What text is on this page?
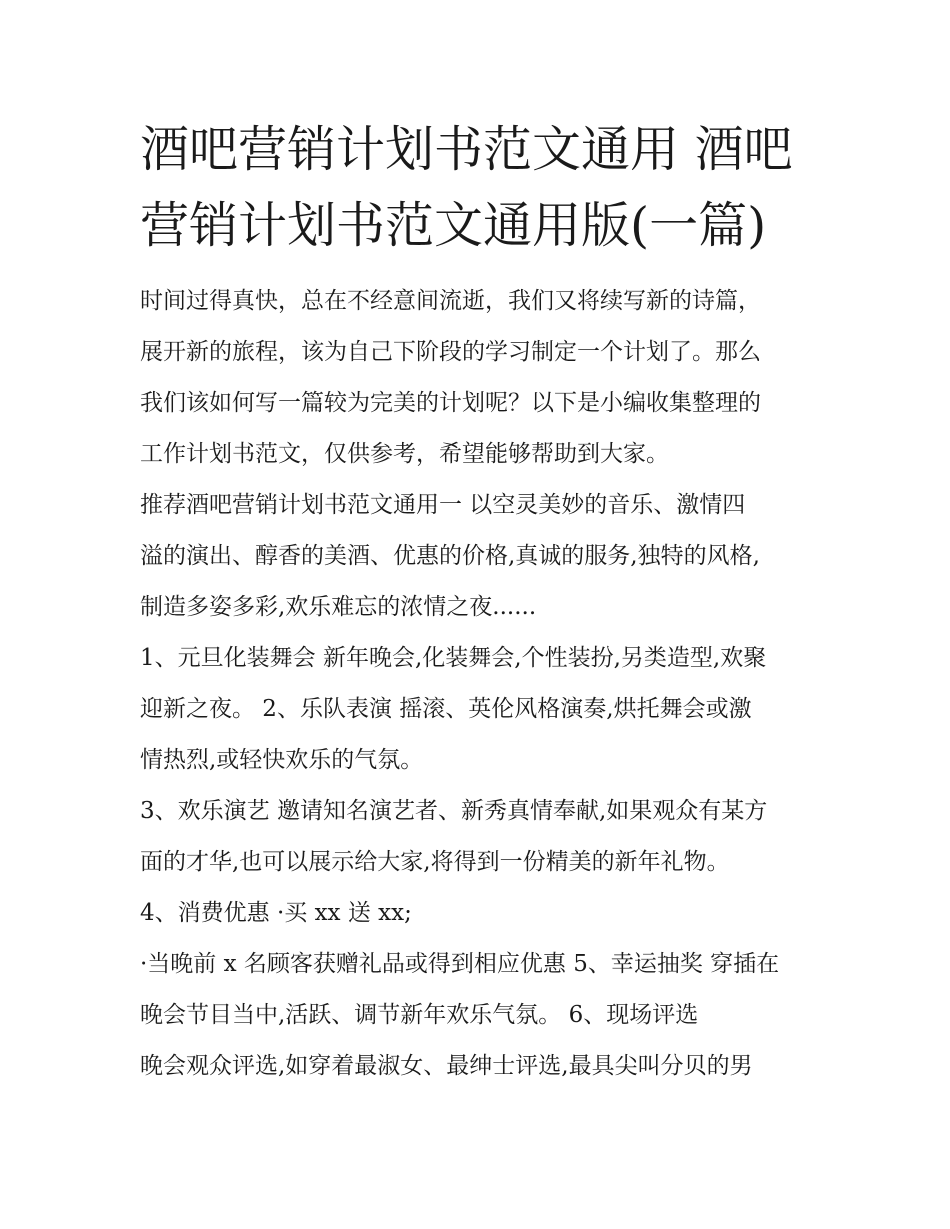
酒吧营销计划书范文通用 酒吧
营销计划书范文通用版(一篇)
时间过得真快，总在不经意间流逝，我们又将续写新的诗篇，
展开新的旅程，该为自己下阶段的学习制定一个计划了。那么
我们该如何写一篇较为完美的计划呢？以下是小编收集整理的
工作计划书范文，仅供参考，希望能够帮助到大家。
推荐酒吧营销计划书范文通用一 以空灵美妙的音乐、激情四
溢的演出、醇香的美酒、优惠的价格,真诚的服务,独特的风格,
制造多姿多彩,欢乐难忘的浓情之夜......
1、元旦化装舞会 新年晚会,化装舞会,个性装扮,另类造型,欢聚
迎新之夜。 2、乐队表演 摇滚、英伦风格演奏,烘托舞会或激
情热烈,或轻快欢乐的气氛。
3、欢乐演艺 邀请知名演艺者、新秀真情奉献,如果观众有某方
面的才华,也可以展示给大家,将得到一份精美的新年礼物。
4、消费优惠 ·买 xx 送 xx;
·当晚前 x 名顾客获赠礼品或得到相应优惠 5、幸运抽奖 穿插在
晚会节目当中,活跃、调节新年欢乐气氛。 6、现场评选
晚会观众评选,如穿着最淑女、最绅士评选,最具尖叫分贝的男
